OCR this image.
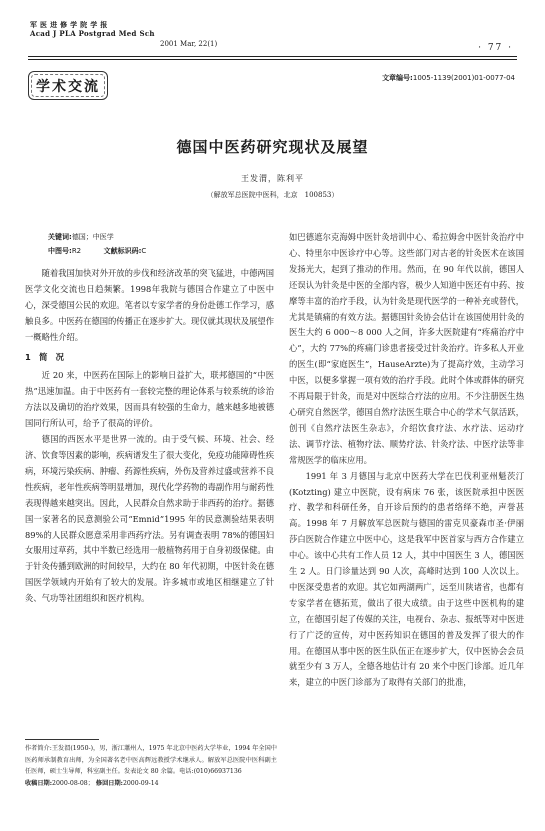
军 医 进 修 学 院 学 报
Acad J PLA Postgrad Med Sch
2001 Mar, 22(1)	· 77 ·
学术交流
文章编号:1005-1139(2001)01-0077-04
德国中医药研究现状及展望
王发渭，陈利平
（解放军总医院中医科，北京　100853）
关键词:德国；中医学
中图号:R2	文献标识码:C

随着我国加快对外开放的步伐和经济改革的突飞猛进，中德两国医学文化交流也日趋频繁。1998年我院与德国合作建立了中医中心，深受德国公民的欢迎。笔者以专家学者的身份赴德工作学习，感触良多。中医药在德国的传播正在逐步扩大。现仅就其现状及展望作一概略性介绍。

1　简　况

近 20 来，中医药在国际上的影响日益扩大，联邦德国的“中医热”迅速加温。由于中医药有一套较完整的理论体系与较系统的诊治方法以及确切的治疗效果，因而具有较强的生命力，越来越多地被德国同行所认可，给予了很高的评价。

德国的西医水平是世界一流的。由于受气候、环境、社会、经济、饮食等因素的影响，疾病谱发生了很大变化，免疫功能障碍性疾病，环境污染疾病、肿瘤、药源性疾病，外伤及营养过盛或营养不良性疾病，老年性疾病等明显增加，现代化学药物的毒副作用与耐药性表现得越来越突出。因此，人民群众自然求助于非西药的治疗。据德国一家著名的民意测验公司“Emnid”1995 年的民意测验结果表明 89%的人民群众愿意采用非西药疗法。另有调查表明 78%的德国妇女服用过草药，其中半数已经选用一般植物药用于自身初级保健。由于针灸传播到欧洲的时间较早，大约在 80 年代初期，中医针灸在德国医学领域内开始有了较大的发展。许多城市或地区相继建立了针灸、气功等社团组织和医疗机构。

作者简介:王发渭(1950-)，男，浙江蕭州人，1975 年北京中医药大学毕业，1994 年全国中医药师承制教育出师，为全国著名老中医高辉远教授学术继承人。解放军总医院中医科副主任医师，硕士生导师，科室副主任。发表论文 80 余篇。电话:(010)66937136
收稿日期:2000-08-08； 修回日期:2000-09-14

如巴德遮尔克海姆中医针灸培训中心、希拉姆舍中医针灸治疗中心、特里尔中医诊疗中心等。这些部门对古老的针灸医术在该国发扬光大，起到了推动的作用。然而，在 90 年代以前，德国人还误认为针灸是中医的全部内容，极少人知道中医还有中药、按摩等丰富的治疗手段，认为针灸是现代医学的一种补充或替代，尤其是镇痛的有效方法。据德国针灸协会估计在该国使用针灸的医生大约 6 000～8 000 人之间，许多大医院建有“疼痛治疗中心”，大约 77%的疼痛门诊患者接受过针灸治疗。许多私人开业的医生(即“家庭医生”，HauseArzte)为了提高疗效，主动学习中医，以便多掌握一项有效的治疗手段。此时个体或群体的研究不再局限于针灸，而是对中医综合疗法的应用。不少注册医生热心研究自然医学，德国自然疗法医生联合中心的学术气氛活跃，创刊《自然疗法医生杂志》，介绍饮食疗法、水疗法、运动疗法、调节疗法、植物疗法、顺势疗法、针灸疗法、中医疗法等非常规医学的临床应用。

1991 年 3 月德国与北京中医药大学在巴伐利亚州魁茨汀(Kotzting) 建立中医院，设有病床 76 张，该医院承担中医医疗、教学和科研任务，自开诊后预约的患者络绎不绝，声誉甚高。1998 年 7 月解放军总医院与德国的雷克贝豪森市圣·伊丽莎白医院合作建立中医中心，这是我军中医首家与西方合作建立中心。该中心共有工作人员 12 人，其中中国医生 3 人，德国医生 2 人。日门诊量达到 90 人次，高峰时达到 100 人次以上。中医深受患者的欢迎。其它如两湖两广，远至川陕诸省，也都有专家学者在德拓荒，做出了很大成绩。由于这些中医机构的建立，在德国引起了传媒的关注，电视台、杂志、报纸等对中医进行了广泛的宣传，对中医药知识在德国的普及发挥了很大的作用。在德国从事中医的医生队伍正在逐步扩大，仅中医协会会员就至少有 3 万人，全德各地估计有 20 来个中医门诊部。近几年来，建立的中医门诊部为了取得有关部门的批准，
